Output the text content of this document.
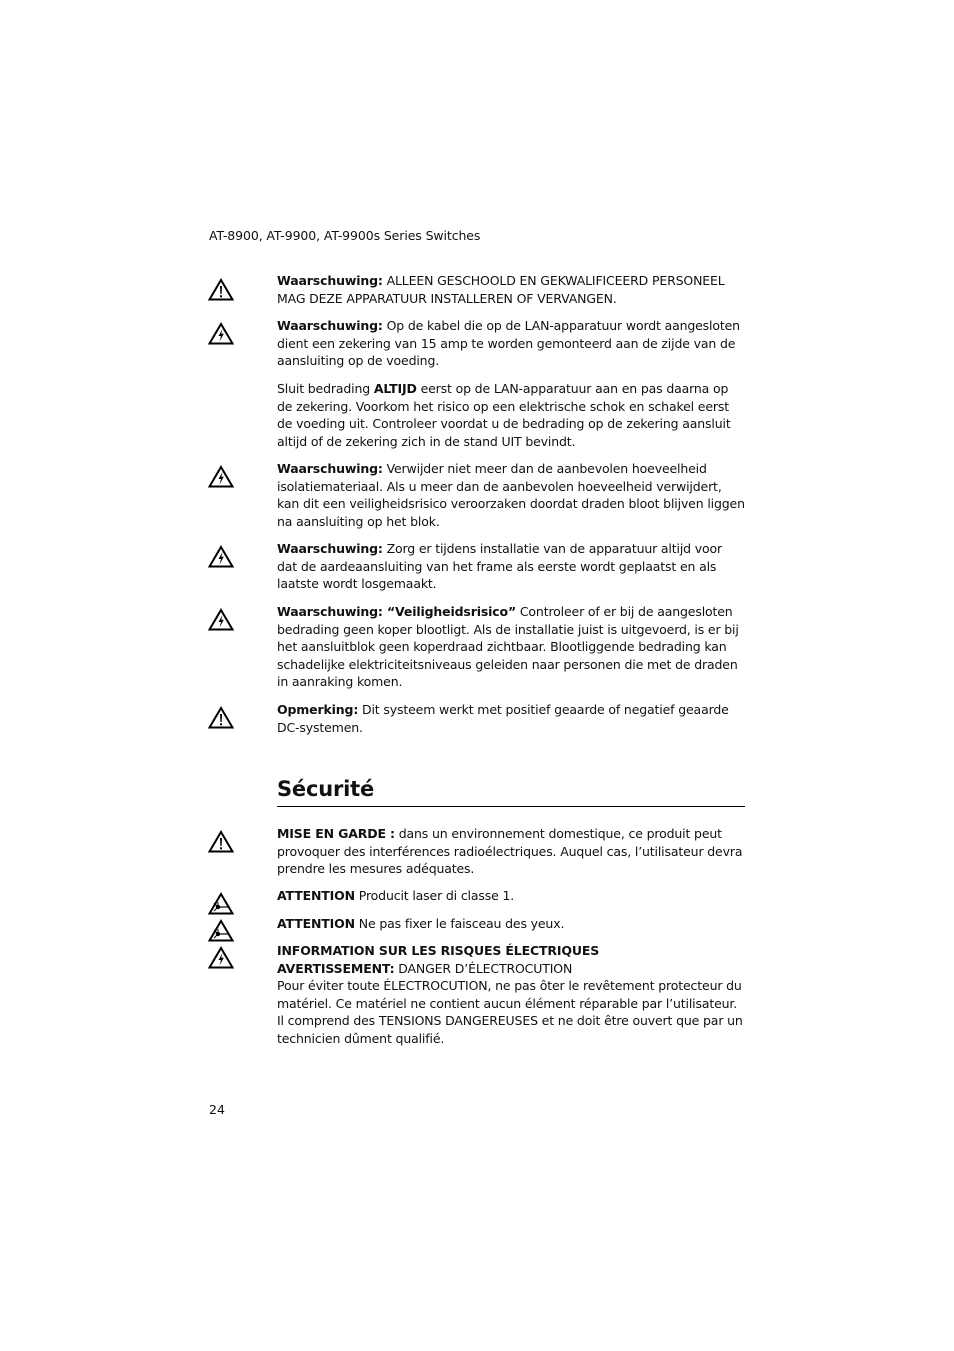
AT-8900, AT-9900, AT-9900s Series Switches

Waarschuwing: ALLEEN GESCHOOLD EN GEKWALIFICEERD PERSONEEL MAG DEZE APPARATUUR INSTALLEREN OF VERVANGEN.

Waarschuwing: Op de kabel die op de LAN-apparatuur wordt aangesloten dient een zekering van 15 amp te worden gemonteerd aan de zijde van de aansluiting op de voeding.

Sluit bedrading ALTIJD eerst op de LAN-apparatuur aan en pas daarna op de zekering. Voorkom het risico op een elektrische schok en schakel eerst de voeding uit. Controleer voordat u de bedrading op de zekering aansluit altijd of de zekering zich in de stand UIT bevindt.

Waarschuwing: Verwijder niet meer dan de aanbevolen hoeveelheid isolatiemateriaal. Als u meer dan de aanbevolen hoeveelheid verwijdert, kan dit een veiligheidsrisico veroorzaken doordat draden bloot blijven liggen na aansluiting op het blok.

Waarschuwing: Zorg er tijdens installatie van de apparatuur altijd voor dat de aardeaansluiting van het frame als eerste wordt geplaatst en als laatste wordt losgemaakt.

Waarschuwing: “Veiligheidsrisico” Controleer of er bij de aangesloten bedrading geen koper blootligt. Als de installatie juist is uitgevoerd, is er bij het aansluitblok geen koperdraad zichtbaar. Blootliggende bedrading kan schadelijke elektriciteitsniveaus geleiden naar personen die met de draden in aanraking komen.

Opmerking: Dit systeem werkt met positief geaarde of negatief geaarde DC-systemen.

Sécurité

MISE EN GARDE : dans un environnement domestique, ce produit peut provoquer des interférences radioélectriques. Auquel cas, l’utilisateur devra prendre les mesures adéquates.

ATTENTION Producit laser di classe 1.

ATTENTION Ne pas fixer le faisceau des yeux.

INFORMATION SUR LES RISQUES ÉLECTRIQUES

AVERTISSEMENT: DANGER D’ÉLECTROCUTION

Pour éviter toute ÉLECTROCUTION, ne pas ôter le revêtement protecteur du matériel. Ce matériel ne contient aucun élément réparable par l’utilisateur. Il comprend des TENSIONS DANGEREUSES et ne doit être ouvert que par un technicien dûment qualifié.

24
